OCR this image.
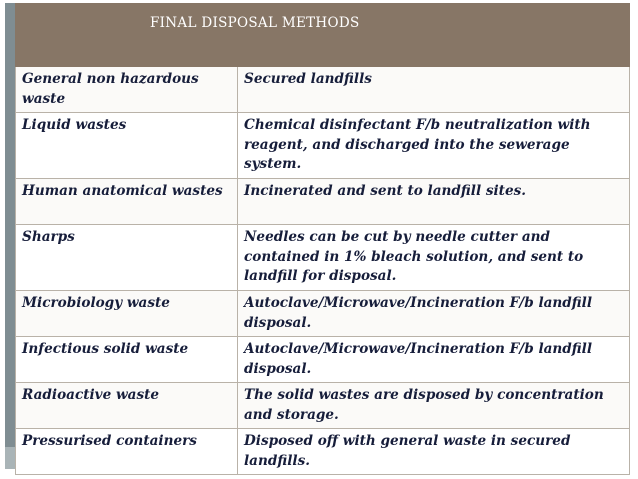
FINAL DISPOSAL METHODS	

General non hazardous waste	Secured landfills
Liquid wastes	Chemical disinfectant F/b neutralization with reagent, and discharged into the sewerage system.
Human anatomical wastes	Incinerated and sent to landfill sites.
Sharps	Needles can be cut by needle cutter and contained in 1% bleach solution, and sent to landfill for disposal.
Microbiology waste	Autoclave/Microwave/Incineration F/b landfill disposal.
Infectious solid waste	Autoclave/Microwave/Incineration F/b landfill disposal.
Radioactive waste	The solid wastes are disposed by concentration and storage.
Pressurised containers	Disposed off with general waste in secured landfills.
